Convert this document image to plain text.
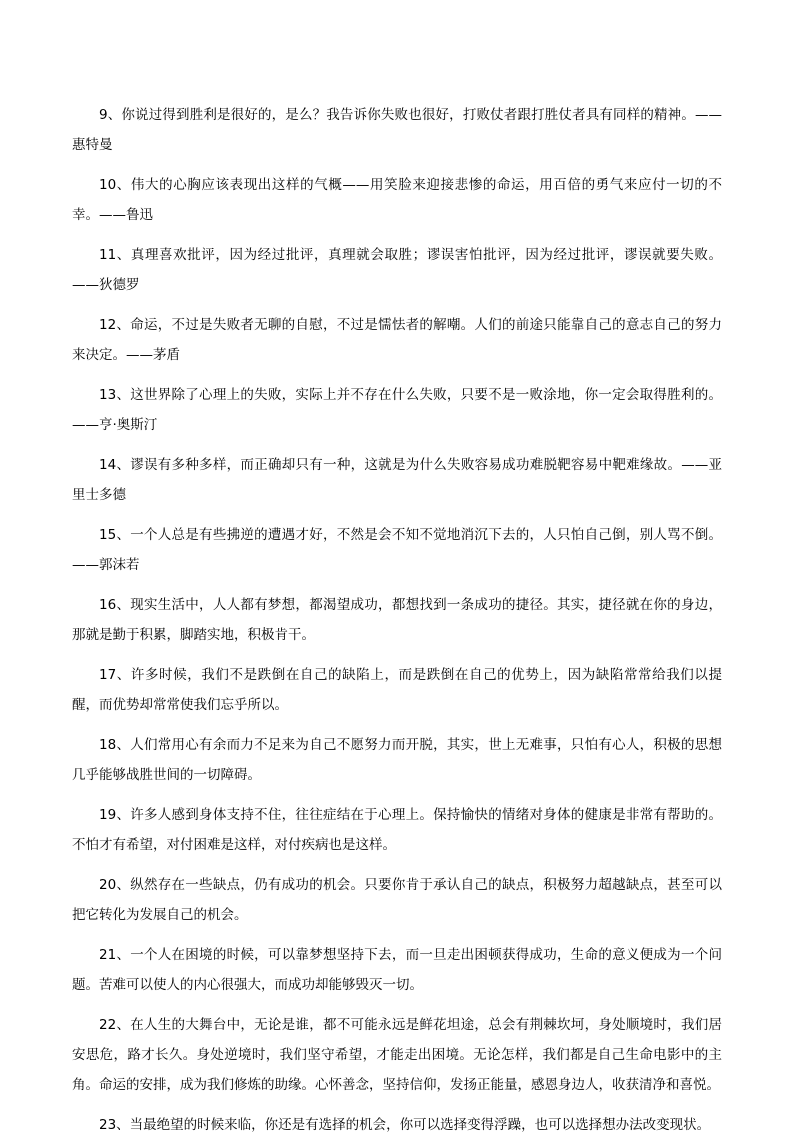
9、你说过得到胜利是很好的，是么？我告诉你失败也很好，打败仗者跟打胜仗者具有同样的精神。——惠特曼

10、伟大的心胸应该表现出这样的气概——用笑脸来迎接悲惨的命运，用百倍的勇气来应付一切的不幸。——鲁迅

11、真理喜欢批评，因为经过批评，真理就会取胜；谬误害怕批评，因为经过批评，谬误就要失败。——狄德罗

12、命运，不过是失败者无聊的自慰，不过是懦怯者的解嘲。人们的前途只能靠自己的意志自己的努力来决定。——茅盾

13、这世界除了心理上的失败，实际上并不存在什么失败，只要不是一败涂地，你一定会取得胜利的。——亨·奥斯汀

14、谬误有多种多样，而正确却只有一种，这就是为什么失败容易成功难脱靶容易中靶难缘故。——亚里士多德

15、一个人总是有些拂逆的遭遇才好，不然是会不知不觉地消沉下去的，人只怕自己倒，别人骂不倒。——郭沫若

16、现实生活中，人人都有梦想，都渴望成功，都想找到一条成功的捷径。其实，捷径就在你的身边，那就是勤于积累，脚踏实地，积极肯干。

17、许多时候，我们不是跌倒在自己的缺陷上，而是跌倒在自己的优势上，因为缺陷常常给我们以提醒，而优势却常常使我们忘乎所以。

18、人们常用心有余而力不足来为自己不愿努力而开脱，其实，世上无难事，只怕有心人，积极的思想几乎能够战胜世间的一切障碍。

19、许多人感到身体支持不住，往往症结在于心理上。保持愉快的情绪对身体的健康是非常有帮助的。不怕才有希望，对付困难是这样，对付疾病也是这样。

20、纵然存在一些缺点，仍有成功的机会。只要你肯于承认自己的缺点，积极努力超越缺点，甚至可以把它转化为发展自己的机会。

21、一个人在困境的时候，可以靠梦想坚持下去，而一旦走出困顿获得成功，生命的意义便成为一个问题。苦难可以使人的内心很强大，而成功却能够毁灭一切。

22、在人生的大舞台中，无论是谁，都不可能永远是鲜花坦途，总会有荆棘坎坷，身处顺境时，我们居安思危，路才长久。身处逆境时，我们坚守希望，才能走出困境。无论怎样，我们都是自己生命电影中的主角。命运的安排，成为我们修炼的助缘。心怀善念，坚持信仰，发扬正能量，感恩身边人，收获清净和喜悦。

23、当最绝望的时候来临，你还是有选择的机会，你可以选择变得浮躁，也可以选择想办法改变现状。
